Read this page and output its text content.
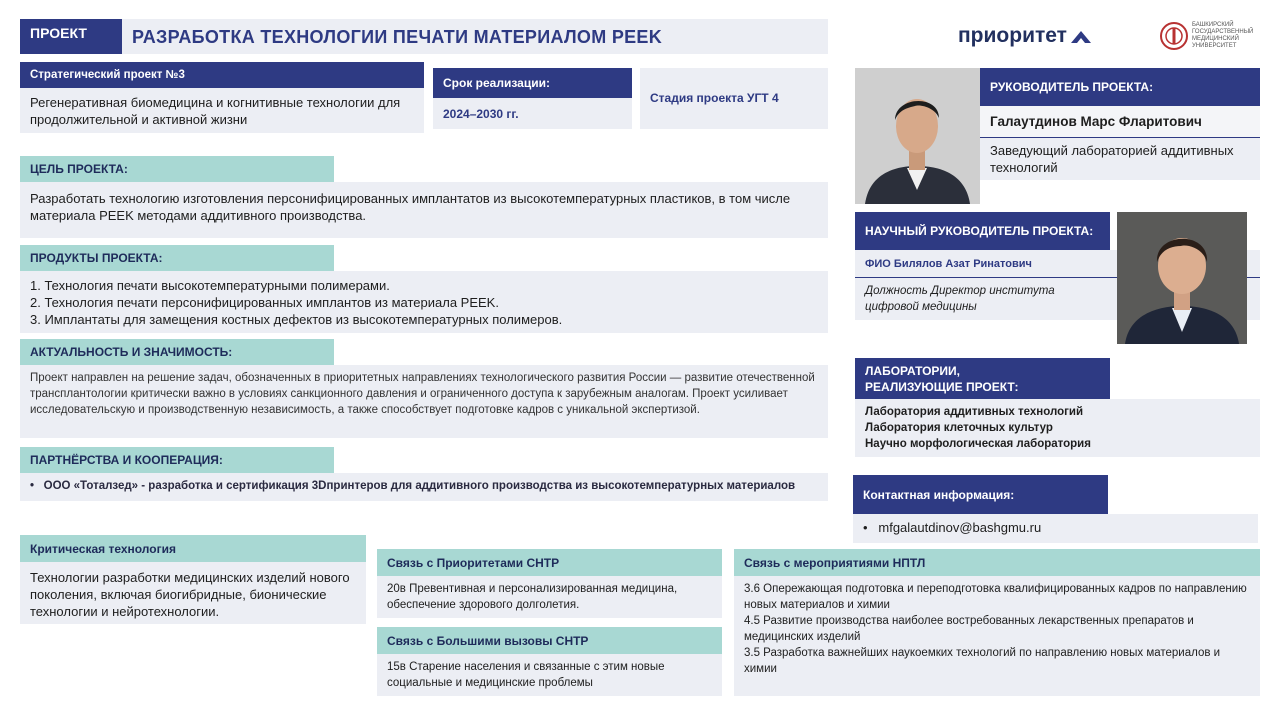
ПРОЕКТ	РАЗРАБОТКА ТЕХНОЛОГИИ ПЕЧАТИ МАТЕРИАЛОМ PEEK	приоритет	БАШКИРСКИЙ
ГОСУДАРСТВЕННЫЙ
МЕДИЦИНСКИЙ
УНИВЕРСИТЕТ
Стратегический проект №3
Регенеративная биомедицина и когнитивные технологии для продолжительной и активной жизни
Срок реализации:
2024–2030 гг.
Стадия проекта УГТ 4
ЦЕЛЬ ПРОЕКТА:
Разработать технологию изготовления персонифицированных имплантатов из высокотемпературных пластиков, в том числе материала PEEK методами аддитивного производства.
ПРОДУКТЫ ПРОЕКТА:
1. Технология печати высокотемпературными полимерами.
2. Технология печати персонифицированных имплантов из материала PEEK.
3. Имплантаты для замещения костных дефектов из высокотемпературных полимеров.
АКТУАЛЬНОСТЬ И ЗНАЧИМОСТЬ:
Проект направлен на решение задач, обозначенных в приоритетных направлениях технологического развития России — развитие отечественной трансплантологии критически важно в условиях санкционного давления и ограниченного доступа к зарубежным аналогам. Проект усиливает исследовательскую и производственную независимость, а также способствует подготовке кадров с уникальной экспертизой.
ПАРТНЁРСТВА И КООПЕРАЦИЯ:
•   ООО «Тоталзед» - разработка и сертификация 3Dпринтеров для аддитивного производства из высокотемпературных материалов
Критическая технология
Технологии разработки медицинских изделий нового поколения, включая биогибридные, бионические технологии и нейротехнологии.
Связь с Приоритетами СНТР
20в Превентивная и персонализированная медицина, обеспечение здорового долголетия.
Связь с Большими вызовы СНТР
15в Старение населения и связанные с этим новые социальные и медицинские проблемы
Связь с мероприятиями НПТЛ
3.6 Опережающая подготовка и переподготовка квалифицированных кадров по направлению новых материалов и химии
4.5 Развитие производства наиболее востребованных лекарственных препаратов и медицинских изделий
3.5 Разработка важнейших наукоемких технологий по направлению новых материалов и химии
РУКОВОДИТЕЛЬ ПРОЕКТА:
Галаутдинов Марс Фларитович
Заведующий лабораторией аддитивных технологий
НАУЧНЫЙ РУКОВОДИТЕЛЬ ПРОЕКТА:
ФИО Билялов Азат Ринатович
Должность Директор института цифровой медицины
ЛАБОРАТОРИИ,
РЕАЛИЗУЮЩИЕ ПРОЕКТ:
Лаборатория аддитивных технологий
Лаборатория клеточных культур
Научно морфологическая лаборатория
Контактная информация:
•   mfgalautdinov@bashgmu.ru
